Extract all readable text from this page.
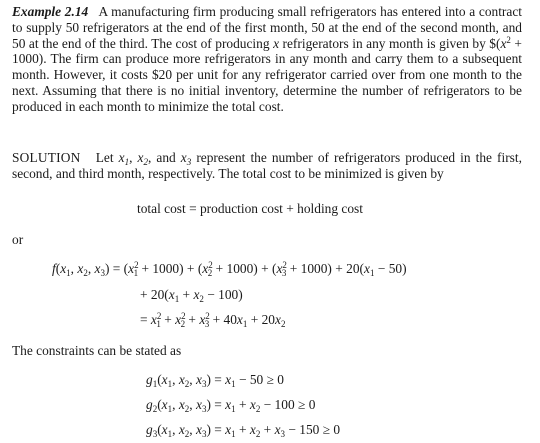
Example 2.14 A manufacturing firm producing small refrigerators has entered into a contract to supply 50 refrigerators at the end of the first month, 50 at the end of the second month, and 50 at the end of the third. The cost of producing x refrigerators in any month is given by $\$(x^2 + 1000)$. The firm can produce more refrigerators in any month and carry them to a subsequent month. However, it costs $20 per unit for any refrigerator carried over from one month to the next. Assuming that there is no initial inventory, determine the number of refrigerators to be produced in each month to minimize the total cost.
SOLUTION Let $x_1$, $x_2$, and $x_3$ represent the number of refrigerators produced in the first, second, and third month, respectively. The total cost to be minimized is given by
total cost = production cost + holding cost
or
$f(x_1$, $x_2$, $x_3) = (x^2_1 + 1000) + (x^2_2 + 1000) + (x^2_3 + 1000) + 20(x_1 - 50)$
+ $20(x_1 + x_2 - 100)$
= $x^2_1 + x^2_2 + x^2_3 + 40x_1 + 20x_2$
The constraints can be stated as
$g_1(x_1$, $x_2$, $x_3) = x_1 - 50 \ge 0$
$g_2(x_1$, $x_2$, $x_3) = x_1 + x_2 - 100 \ge 0$
$g_3(x_1$, $x_2$, $x_3) = x_1 + x_2 + x_3 - 150 \ge 0$
